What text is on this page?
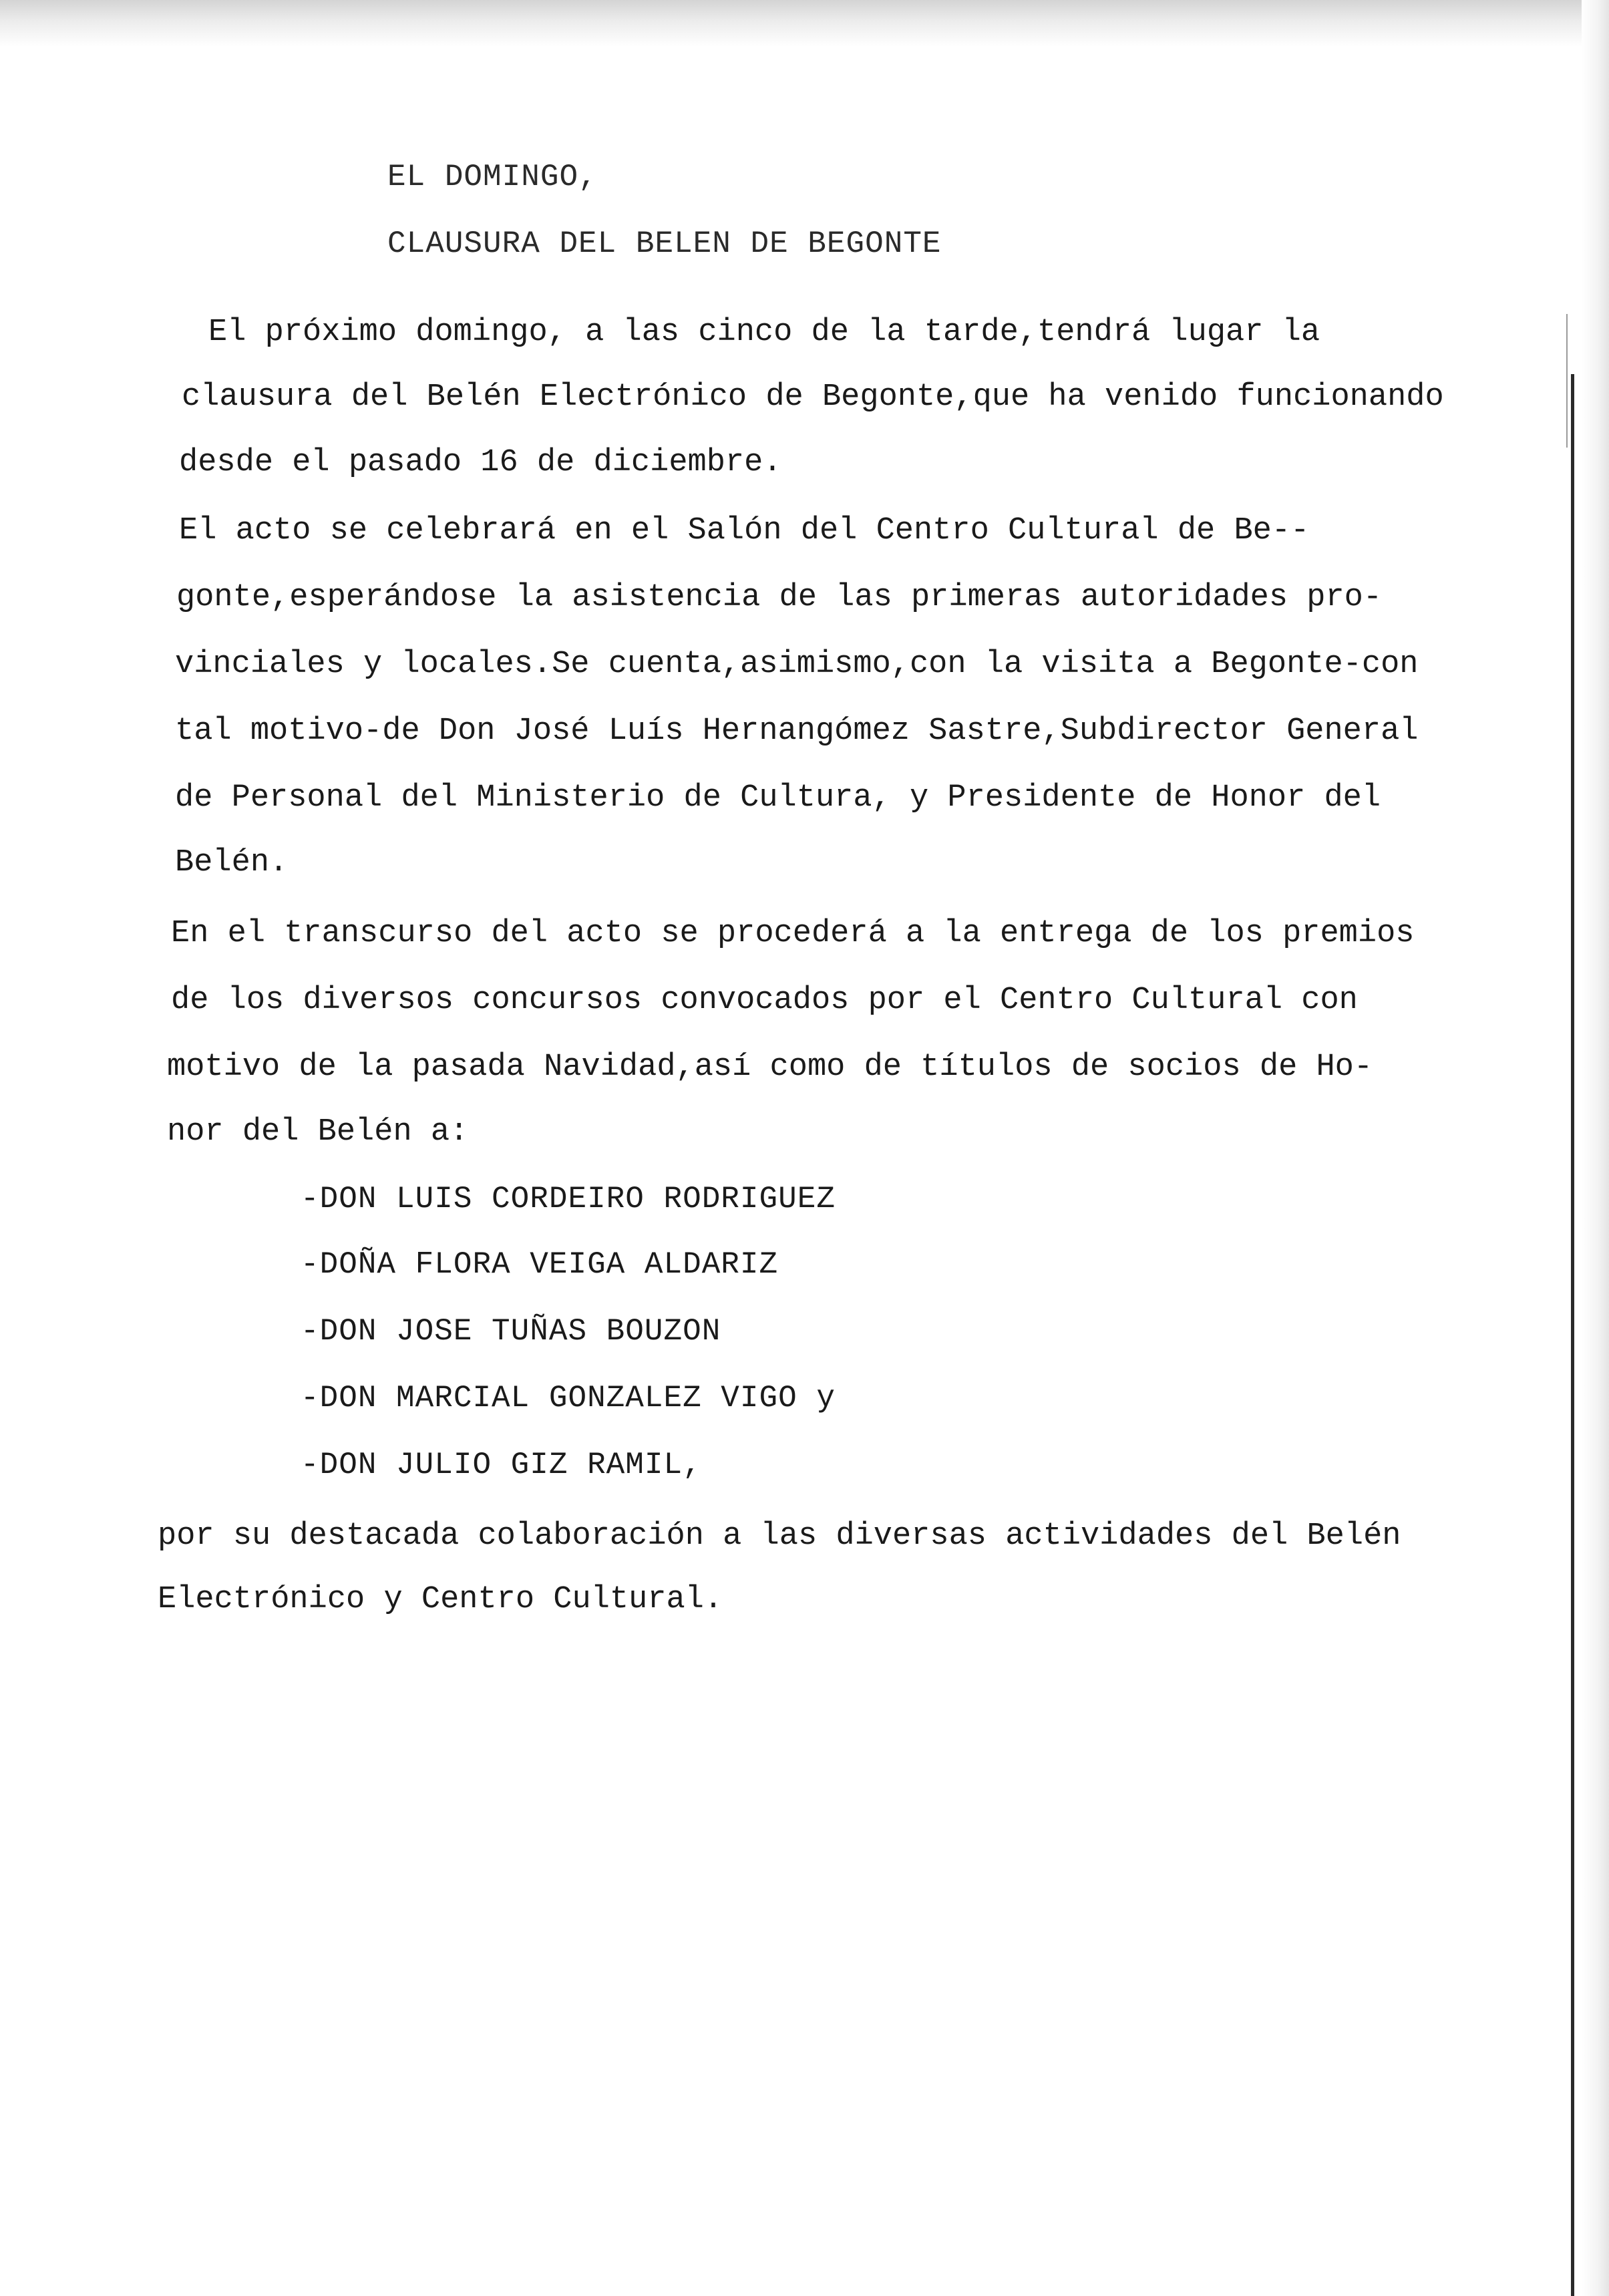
EL DOMINGO,

CLAUSURA DEL BELEN DE BEGONTE

El próximo domingo, a las cinco de la tarde,tendrá lugar la

clausura del Belén Electrónico de Begonte,que ha venido funcionando

desde el pasado 16 de diciembre.

El acto se celebrará en el Salón del Centro Cultural de Be--

gonte,esperándose la asistencia de las primeras autoridades pro-

vinciales y locales.Se cuenta,asimismo,con la visita a Begonte-con

tal motivo-de Don José Luís Hernangómez Sastre,Subdirector General

de Personal del Ministerio de Cultura, y Presidente de Honor del

Belén.

En el transcurso del acto se procederá a la entrega de los premios

de los diversos concursos convocados por el Centro Cultural con

motivo de la pasada Navidad,así como de títulos de socios de Ho-

nor del Belén a:

-DON LUIS CORDEIRO RODRIGUEZ

-DOÑA FLORA VEIGA ALDARIZ

-DON JOSE TUÑAS BOUZON

-DON MARCIAL GONZALEZ VIGO y

-DON JULIO GIZ RAMIL,

por su destacada colaboración a las diversas actividades del Belén

Electrónico y Centro Cultural.
